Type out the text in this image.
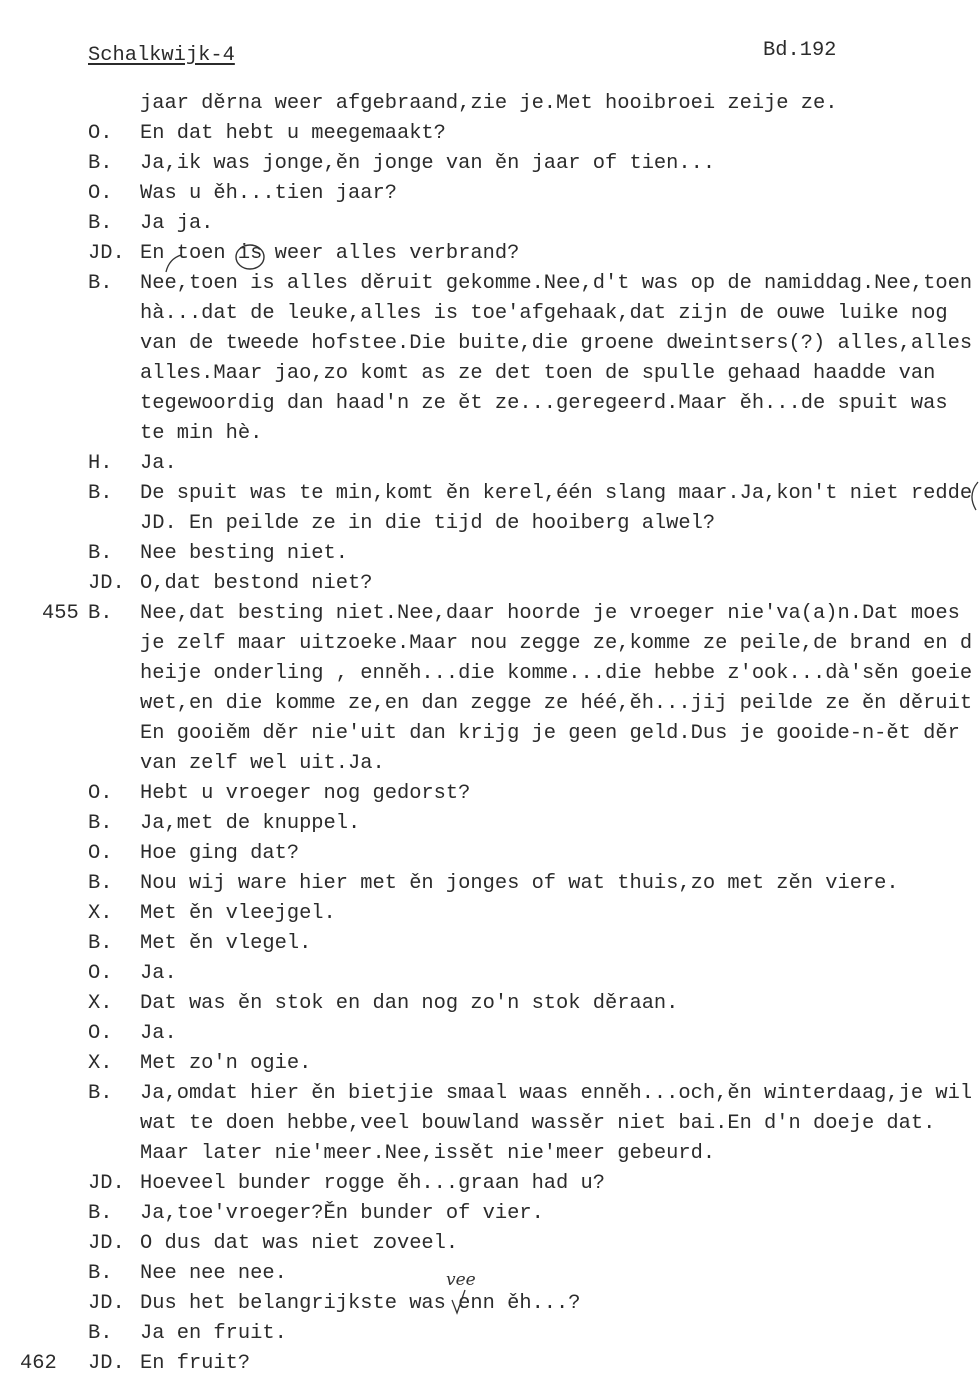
Schalkwijk-4	Bd.192
jaar děrna weer afgebraand,zie je.Met hooibroei zeije ze.
O. En dat hebt u meegemaakt?
B. Ja,ik was jonge,ěn jonge van ěn jaar of tien...
O. Was u ěh...tien jaar?
B. Ja ja.
JD. En toen is weer alles verbrand?
B. Nee,toen is alles děruit gekomme.Nee,d't was op de namiddag.Nee,toen
hà...dat de leuke,alles is toe'afgehaak,dat zijn de ouwe luike nog
van de tweede hofstee.Die buite,die groene dweintsers(?) alles,alles
alles.Maar jao,zo komt as ze det toen de spulle gehaad haadde van
tegewoordig dan haad'n ze ět ze...geregeerd.Maar ěh...de spuit was
te min hè.
H. Ja.
B. De spuit was te min,komt ěn kerel,één slang maar.Ja,kon't niet redde
JD. En peilde ze in die tijd de hooiberg alwel?
B. Nee besting niet.
JD. O,dat bestond niet?
455 B. Nee,dat besting niet.Nee,daar hoorde je vroeger nie'va(a)n.Dat moes
je zelf maar uitzoeke.Maar nou zegge ze,komme ze peile,de brand en d
heije onderling , enněh...die komme...die hebbe z'ook...dà'sěn goeie
wet,en die komme ze,en dan zegge ze héé,ěh...jij peilde ze ěn děruit
En gooiěm děr nie'uit dan krijg je geen geld.Dus je gooide-n-ět děr
van zelf wel uit.Ja.
O. Hebt u vroeger nog gedorst?
B. Ja,met de knuppel.
O. Hoe ging dat?
B. Nou wij ware hier met ěn jonges of wat thuis,zo met zěn viere.
X. Met ěn vleejgel.
B. Met ěn vlegel.
O. Ja.
X. Dat was ěn stok en dan nog zo'n stok děraan.
O. Ja.
X. Met zo'n ogie.
B. Ja,omdat hier ěn bietjie smaal waas enněh...och,ěn winterdaag,je wil
wat te doen hebbe,veel bouwland wassěr niet bai.En d'n doeje dat.
Maar later nie'meer.Nee,issět nie'meer gebeurd.
JD. Hoeveel bunder rogge ěh...graan had u?
B. Ja,toe'vroeger?Ěn bunder of vier.
JD. O dus dat was niet zoveel.
B. Nee nee nee.
JD. Dus het belangrijkste was enn ěh...?
B. Ja en fruit.
462 JD. En fruit?
vee
